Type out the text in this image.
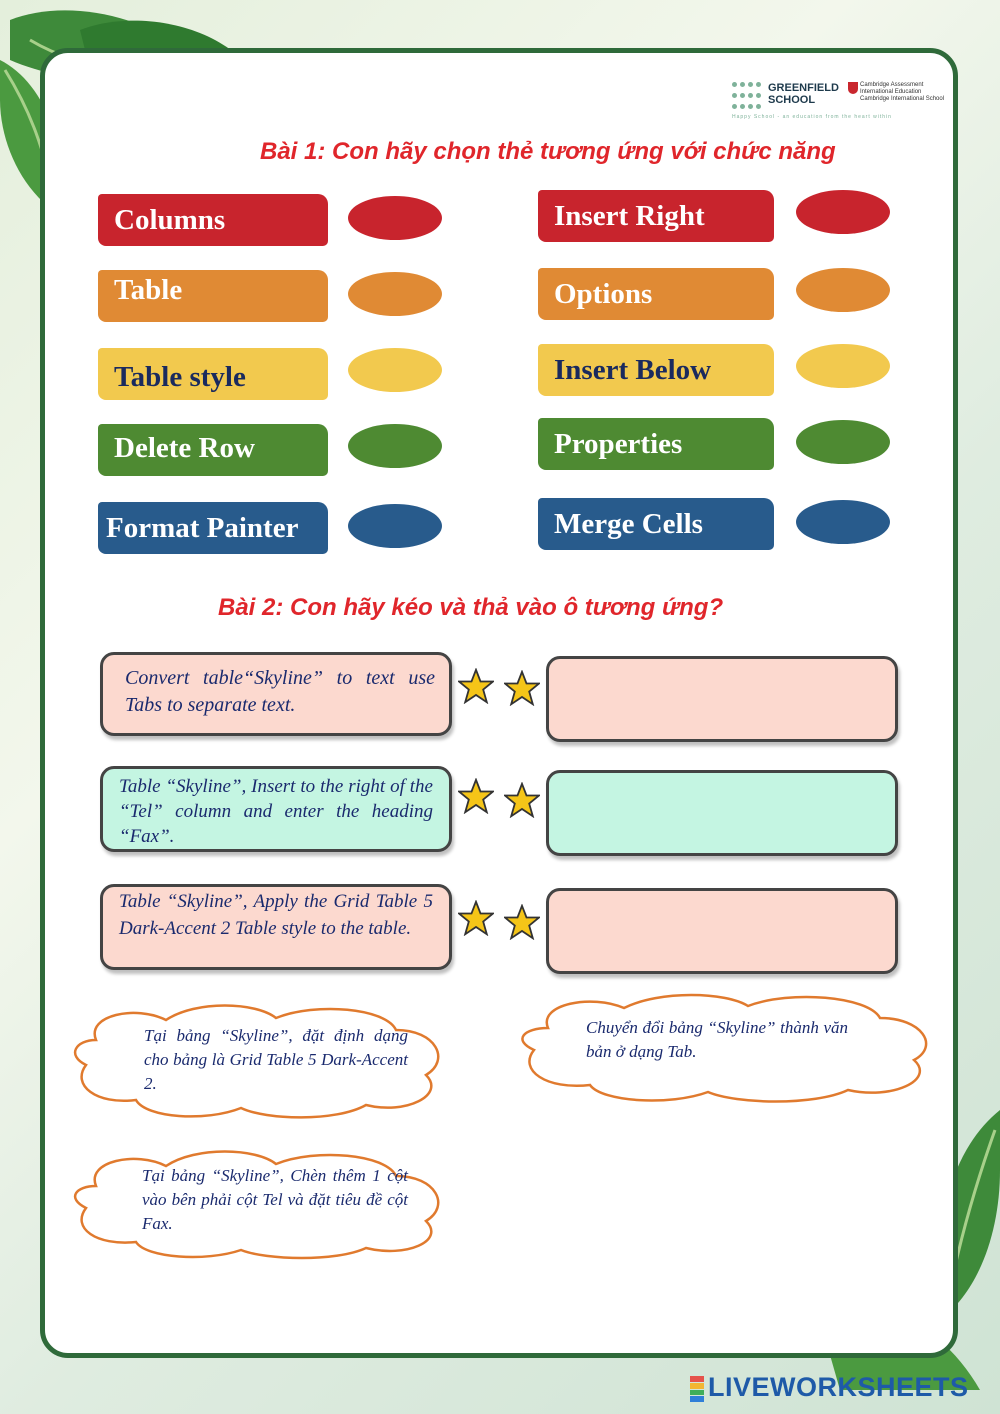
GREENFIELD
SCHOOL
Cambridge Assessment
International Education
Cambridge International School
Happy School - an education from the heart within
Bài 1: Con hãy chọn thẻ tương ứng với chức năng
Columns
Table
Table style
Delete Row
Format Painter
Insert Right
Options
Insert Below
Properties
Merge Cells
Bài 2: Con hãy kéo và thả vào ô tương ứng?
Convert table“Skyline” to text use Tabs to separate text.
Table “Skyline”, Insert to the right of the “Tel” column and enter the heading “Fax”.
Table “Skyline”, Apply the Grid Table 5 Dark-Accent 2 Table style to the table.
Tại bảng “Skyline”, đặt định dạng cho bảng là Grid Table 5 Dark-Accent 2.
Chuyển đổi bảng “Skyline” thành văn bản ở dạng Tab.
Tại bảng “Skyline”, Chèn thêm 1 cột vào bên phải cột Tel và đặt tiêu đề cột Fax.
LIVEWORKSHEETS
